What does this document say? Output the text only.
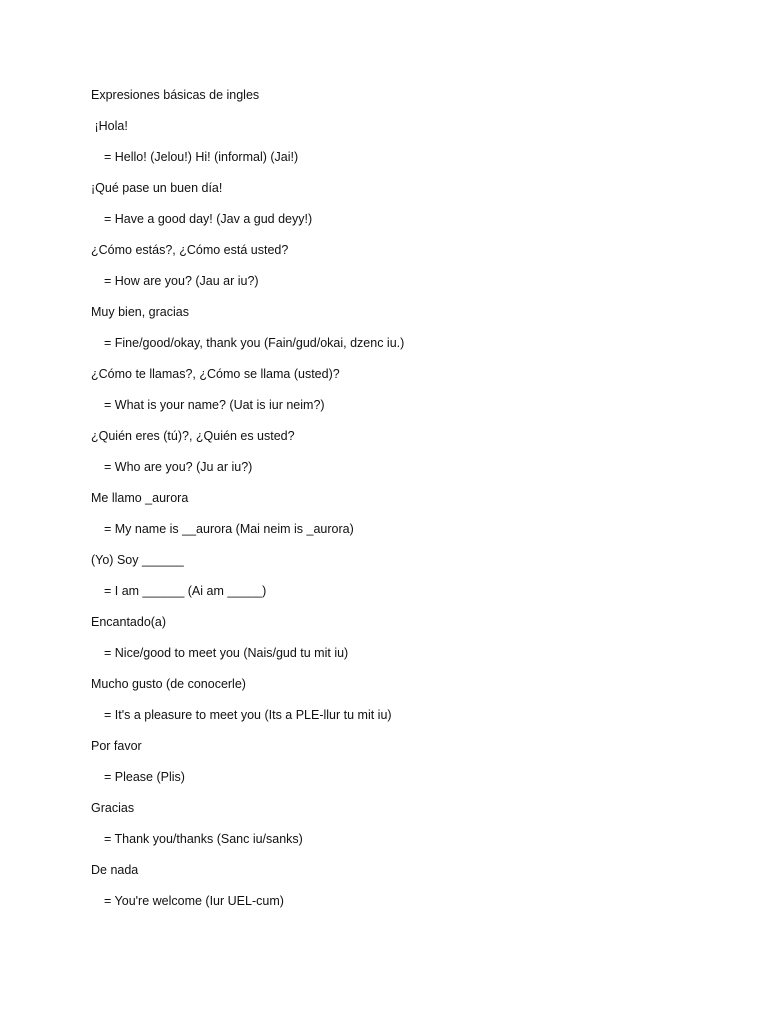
Expresiones básicas de ingles
¡Hola!
= Hello! (Jelou!) Hi! (informal) (Jai!)
¡Qué pase un buen día!
= Have a good day! (Jav a gud deyy!)
¿Cómo estás?, ¿Cómo está usted?
= How are you? (Jau ar iu?)
Muy bien, gracias
= Fine/good/okay, thank you (Fain/gud/okai, dzenc iu.)
¿Cómo te llamas?, ¿Cómo se llama (usted)?
= What is your name? (Uat is iur neim?)
¿Quién eres (tú)?, ¿Quién es usted?
= Who are you? (Ju ar iu?)
Me llamo _aurora
= My name is __aurora (Mai neim is _aurora)
(Yo) Soy ______
= I am ______ (Ai am _____)
Encantado(a)
= Nice/good to meet you (Nais/gud tu mit iu)
Mucho gusto (de conocerle)
= It's a pleasure to meet you (Its a PLE-llur tu mit iu)
Por favor
= Please (Plis)
Gracias
= Thank you/thanks (Sanc iu/sanks)
De nada
= You're welcome (Iur UEL-cum)
